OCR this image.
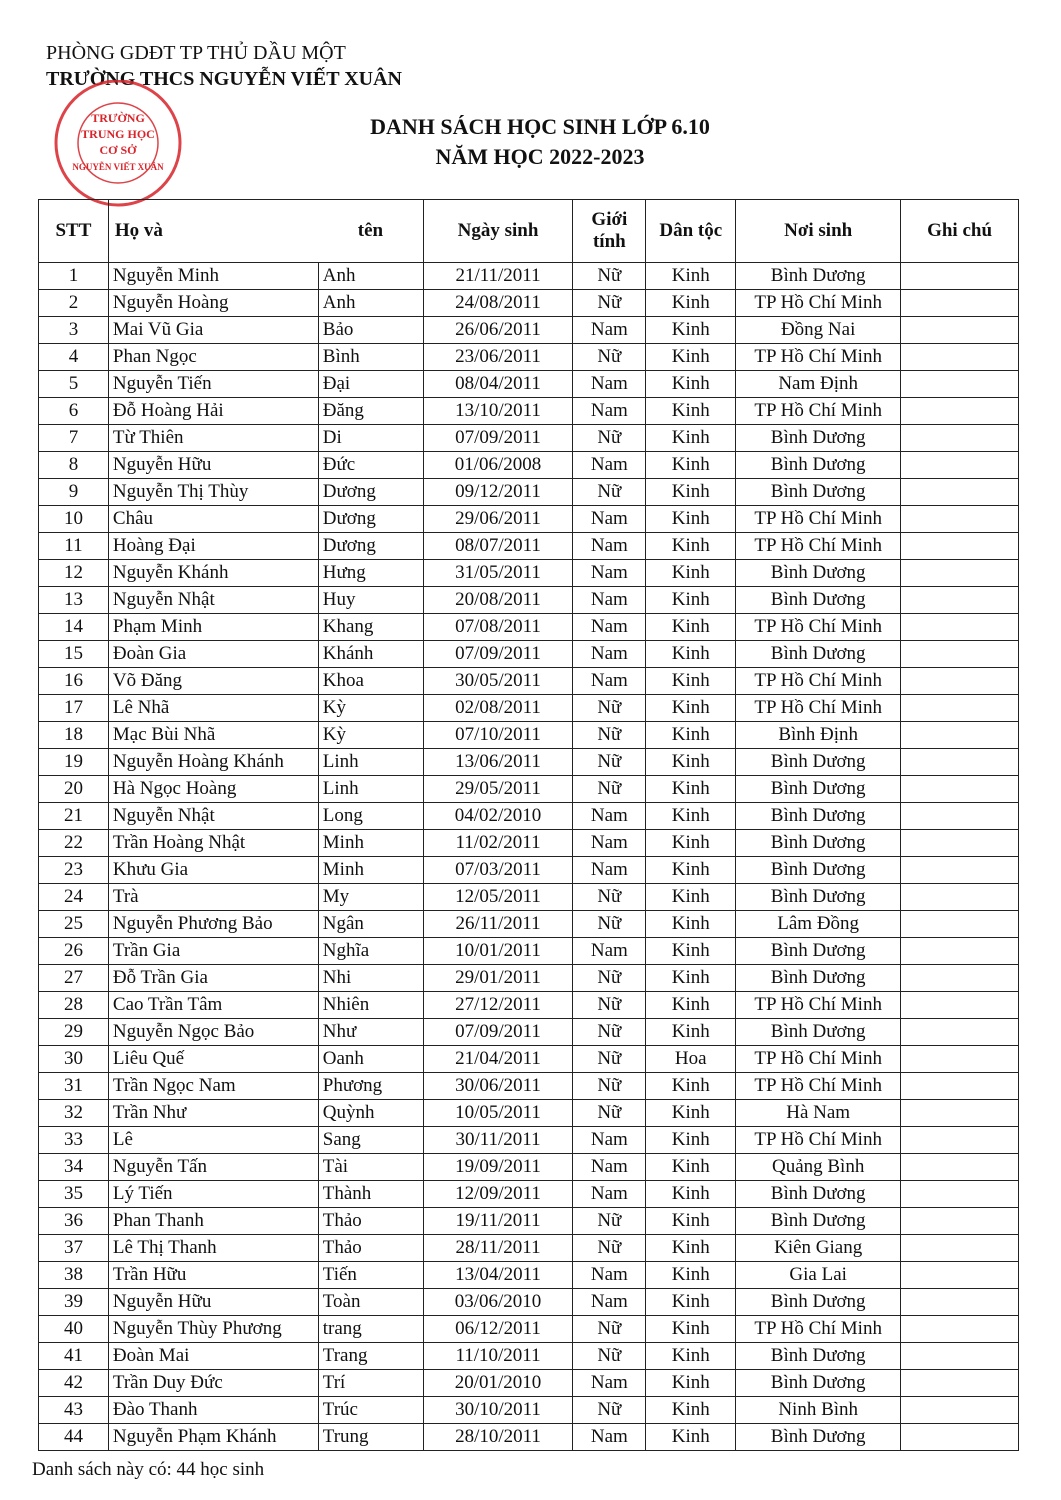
PHÒNG GDĐT TP THỦ DẦU MỘT
TRƯỜNG THCS NGUYỄN VIẾT XUÂN
TRƯỜNG
TRUNG HỌC
CƠ SỞ
NGUYỄN VIẾT XUÂN
DANH SÁCH HỌC SINH LỚP 6.10
NĂM HỌC 2022-2023
STT	Họ và	tên	Ngày sinh	Giới
tính	Dân tộc	Nơi sinh	Ghi chú
1	Nguyễn Minh	Anh	21/11/2011	Nữ	Kinh	Bình Dương	
2	Nguyễn Hoàng	Anh	24/08/2011	Nữ	Kinh	TP Hồ Chí Minh	
3	Mai Vũ Gia	Bảo	26/06/2011	Nam	Kinh	Đồng Nai	
4	Phan Ngọc	Bình	23/06/2011	Nữ	Kinh	TP Hồ Chí Minh	
5	Nguyễn Tiến	Đại	08/04/2011	Nam	Kinh	Nam Định	
6	Đỗ Hoàng Hải	Đăng	13/10/2011	Nam	Kinh	TP Hồ Chí Minh	
7	Từ Thiên	Di	07/09/2011	Nữ	Kinh	Bình Dương	
8	Nguyễn Hữu	Đức	01/06/2008	Nam	Kinh	Bình Dương	
9	Nguyễn Thị Thùy	Dương	09/12/2011	Nữ	Kinh	Bình Dương	
10	Châu	Dương	29/06/2011	Nam	Kinh	TP Hồ Chí Minh	
11	Hoàng Đại	Dương	08/07/2011	Nam	Kinh	TP Hồ Chí Minh	
12	Nguyễn Khánh	Hưng	31/05/2011	Nam	Kinh	Bình Dương	
13	Nguyễn Nhật	Huy	20/08/2011	Nam	Kinh	Bình Dương	
14	Phạm Minh	Khang	07/08/2011	Nam	Kinh	TP Hồ Chí Minh	
15	Đoàn Gia	Khánh	07/09/2011	Nam	Kinh	Bình Dương	
16	Võ Đăng	Khoa	30/05/2011	Nam	Kinh	TP Hồ Chí Minh	
17	Lê Nhã	Kỳ	02/08/2011	Nữ	Kinh	TP Hồ Chí Minh	
18	Mạc Bùi Nhã	Kỳ	07/10/2011	Nữ	Kinh	Bình Định	
19	Nguyễn Hoàng Khánh	Linh	13/06/2011	Nữ	Kinh	Bình Dương	
20	Hà Ngọc Hoàng	Linh	29/05/2011	Nữ	Kinh	Bình Dương	
21	Nguyễn Nhật	Long	04/02/2010	Nam	Kinh	Bình Dương	
22	Trần Hoàng Nhật	Minh	11/02/2011	Nam	Kinh	Bình Dương	
23	Khưu Gia	Minh	07/03/2011	Nam	Kinh	Bình Dương	
24	Trà	My	12/05/2011	Nữ	Kinh	Bình Dương	
25	Nguyễn Phương Bảo	Ngân	26/11/2011	Nữ	Kinh	Lâm Đồng	
26	Trần Gia	Nghĩa	10/01/2011	Nam	Kinh	Bình Dương	
27	Đỗ Trần Gia	Nhi	29/01/2011	Nữ	Kinh	Bình Dương	
28	Cao Trần Tâm	Nhiên	27/12/2011	Nữ	Kinh	TP Hồ Chí Minh	
29	Nguyễn Ngọc Bảo	Như	07/09/2011	Nữ	Kinh	Bình Dương	
30	Liêu Quế	Oanh	21/04/2011	Nữ	Hoa	TP Hồ Chí Minh	
31	Trần Ngọc Nam	Phương	30/06/2011	Nữ	Kinh	TP Hồ Chí Minh	
32	Trần Như	Quỳnh	10/05/2011	Nữ	Kinh	Hà Nam	
33	Lê	Sang	30/11/2011	Nam	Kinh	TP Hồ Chí Minh	
34	Nguyễn Tấn	Tài	19/09/2011	Nam	Kinh	Quảng Bình	
35	Lý Tiến	Thành	12/09/2011	Nam	Kinh	Bình Dương	
36	Phan Thanh	Thảo	19/11/2011	Nữ	Kinh	Bình Dương	
37	Lê Thị Thanh	Thảo	28/11/2011	Nữ	Kinh	Kiên Giang	
38	Trần Hữu	Tiến	13/04/2011	Nam	Kinh	Gia Lai	
39	Nguyễn Hữu	Toàn	03/06/2010	Nam	Kinh	Bình Dương	
40	Nguyễn Thùy Phương	trang	06/12/2011	Nữ	Kinh	TP Hồ Chí Minh	
41	Đoàn Mai	Trang	11/10/2011	Nữ	Kinh	Bình Dương	
42	Trần Duy Đức	Trí	20/01/2010	Nam	Kinh	Bình Dương	
43	Đào Thanh	Trúc	30/10/2011	Nữ	Kinh	Ninh Bình	
44	Nguyễn Phạm Khánh	Trung	28/10/2011	Nam	Kinh	Bình Dương	
Danh sách này có: 44 học sinh
